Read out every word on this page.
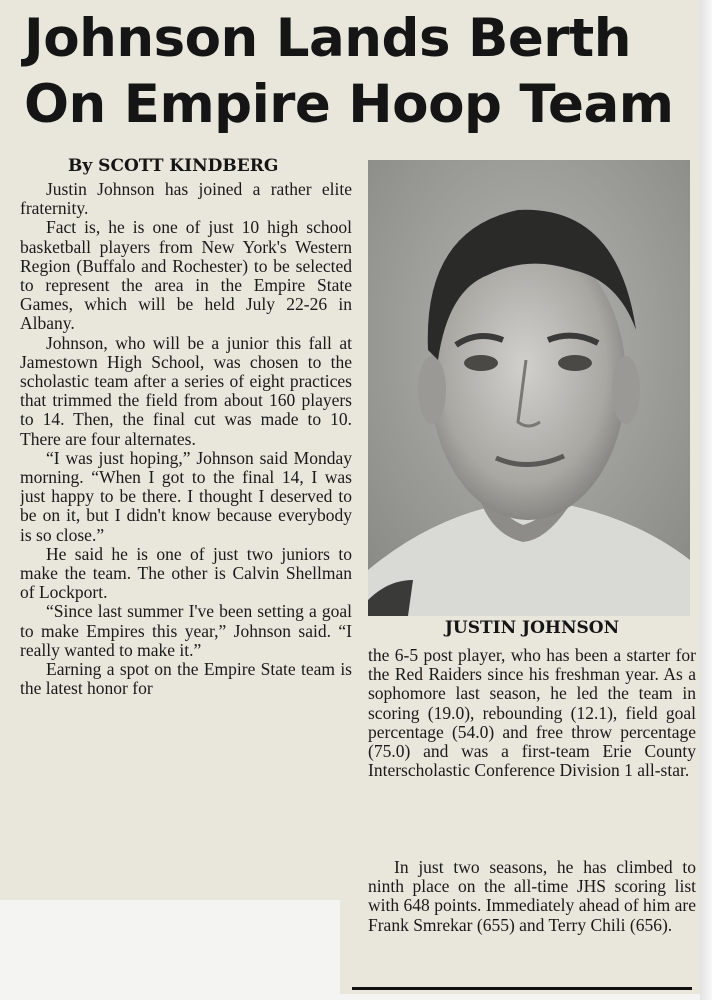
Johnson Lands Berth
On Empire Hoop Team
By SCOTT KINDBERG

Justin Johnson has joined a rather elite fraternity.

Fact is, he is one of just 10 high school basketball players from New York's Western Region (Buffalo and Rochester) to be selected to represent the area in the Empire State Games, which will be held July 22-26 in Albany.

Johnson, who will be a junior this fall at Jamestown High School, was chosen to the scholastic team after a series of eight practices that trimmed the field from about 160 players to 14. Then, the final cut was made to 10. There are four alternates.

“I was just hoping,” Johnson said Monday morning. “When I got to the final 14, I was just happy to be there. I thought I deserved to be on it, but I didn't know because everybody is so close.”

He said he is one of just two juniors to make the team. The other is Calvin Shellman of Lockport.

“Since last summer I've been setting a goal to make Empires this year,” Johnson said. “I really wanted to make it.”

Earning a spot on the Empire State team is the latest honor for

JUSTIN JOHNSON

the 6-5 post player, who has been a starter for the Red Raiders since his freshman year. As a sophomore last season, he led the team in scoring (19.0), rebounding (12.1), field goal percentage (54.0) and free throw percentage (75.0) and was a first-team Erie County Interscholastic Conference Division 1 all-star.

In just two seasons, he has climbed to ninth place on the all-time JHS scoring list with 648 points. Immediately ahead of him are Frank Smrekar (655) and Terry Chili (656).
